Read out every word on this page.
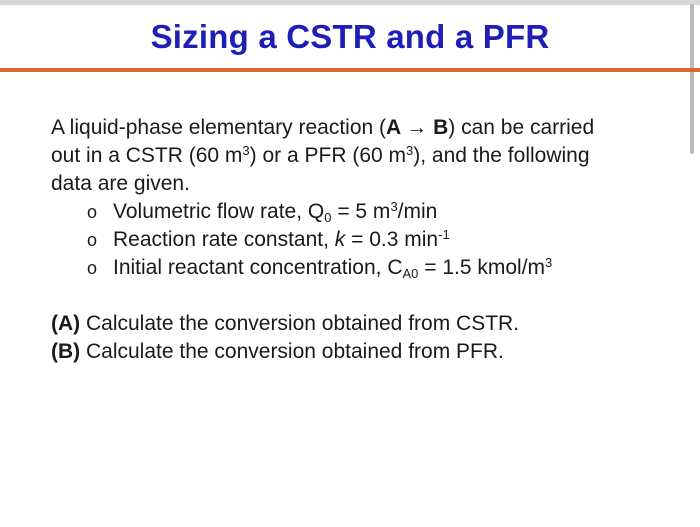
Sizing a CSTR and a PFR

A liquid-phase elementary reaction (A → B) can be carried

out in a CSTR (60 $m^3$) or a PFR (60 $m^3$), and the following

data are given.

o Volumetric flow rate, $Q_0 = 5$ $m^3/\min$
o Reaction rate constant, k = 0.3 $\min^{-1}$
o Initial reactant concentration, $C_{A0} = 1.5$ kmol/$m^3$
(A) Calculate the conversion obtained from CSTR.
(B) Calculate the conversion obtained from PFR.
